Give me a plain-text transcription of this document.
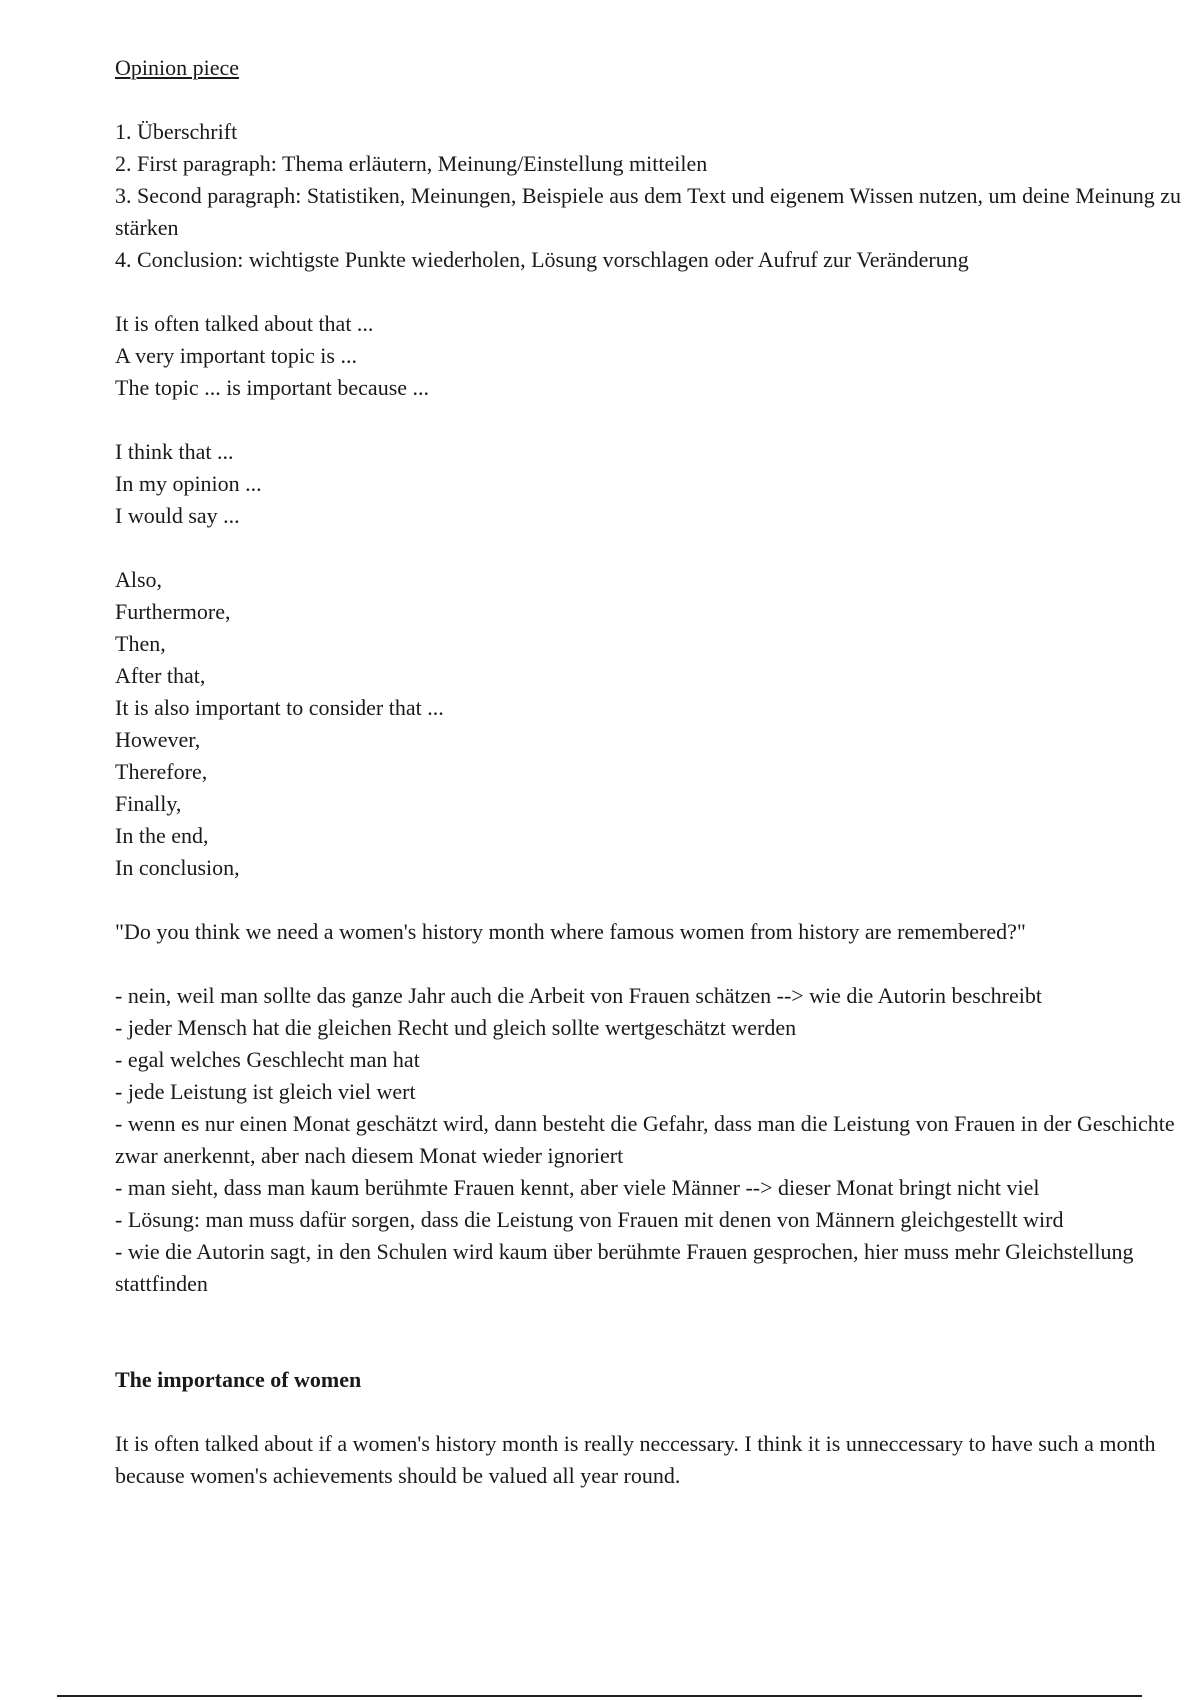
Opinion piece

1. Überschrift
2. First paragraph: Thema erläutern, Meinung/Einstellung mitteilen
3. Second paragraph: Statistiken, Meinungen, Beispiele aus dem Text und eigenem Wissen nutzen, um deine Meinung zu stärken
4. Conclusion: wichtigste Punkte wiederholen, Lösung vorschlagen oder Aufruf zur Veränderung
It is often talked about that ...
A very important topic is ...
The topic ... is important because ...
I think that ...
In my opinion ...
I would say ...
Also,
Furthermore,
Then,
After that,
It is also important to consider that ...
However,
Therefore,
Finally,
In the end,
In conclusion,

"Do you think we need a women's history month where famous women from history are remembered?"

- nein, weil man sollte das ganze Jahr auch die Arbeit von Frauen schätzen --> wie die Autorin beschreibt
- jeder Mensch hat die gleichen Recht und gleich sollte wertgeschätzt werden
- egal welches Geschlecht man hat
- jede Leistung ist gleich viel wert
- wenn es nur einen Monat geschätzt wird, dann besteht die Gefahr, dass man die Leistung von Frauen in der Geschichte zwar anerkennt, aber nach diesem Monat wieder ignoriert
- man sieht, dass man kaum berühmte Frauen kennt, aber viele Männer --> dieser Monat bringt nicht viel
- Lösung: man muss dafür sorgen, dass die Leistung von Frauen mit denen von Männern gleichgestellt wird
- wie die Autorin sagt, in den Schulen wird kaum über berühmte Frauen gesprochen, hier muss mehr Gleichstellung stattfinden

The importance of women

It is often talked about if a women's history month is really neccessary. I think it is unneccessary to have such a month because women's achievements should be valued all year round.
